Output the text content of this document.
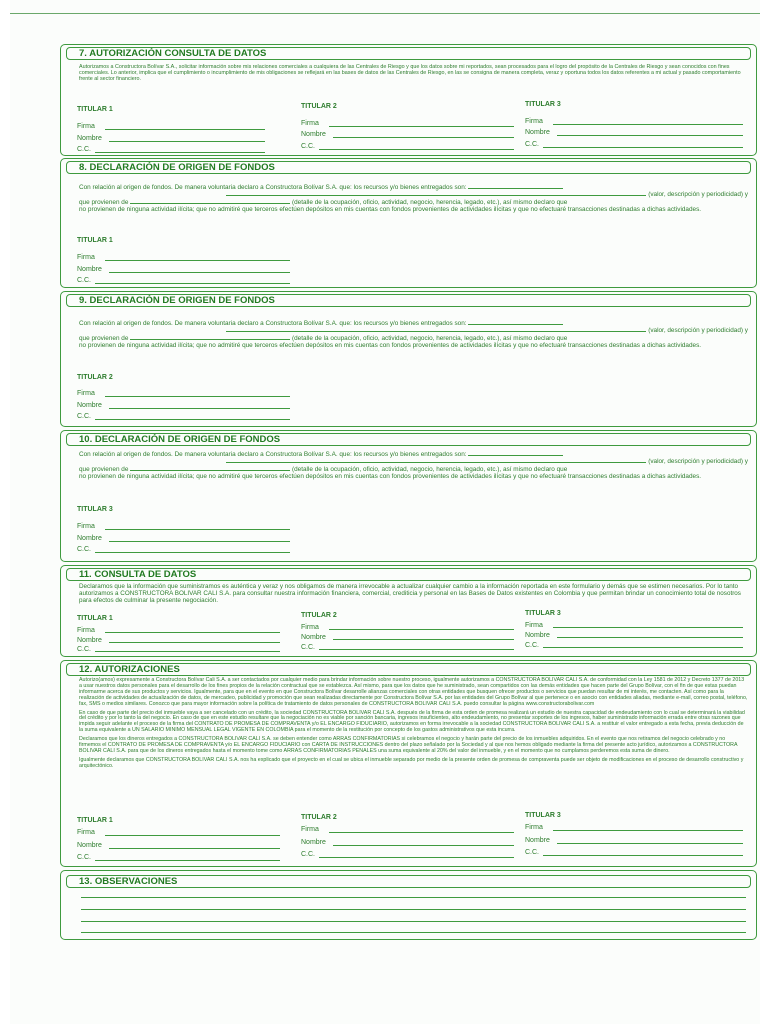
7. AUTORIZACIÓN CONSULTA DE DATOS
Autorizamos a Constructora Bolívar S.A., solicitar información sobre mis relaciones comerciales a cualquiera de las Centrales de Riesgo y que los datos sobre mi reportados, sean procesados para el logro del propósito de la Centrales de Riesgo y sean conocidos con fines comerciales. Lo anterior, implica que el cumplimiento o incumplimiento de mis obligaciones se reflejará en las bases de datos de las Centrales de Riesgo, en las se consigna de manera completa, veraz y oportuna todos los datos referentes a mi actual y pasado comportamiento frente al sector financiero.
TITULAR 1
Firma
Nombre
C.C.
TITULAR 2
Firma
Nombre
C.C.
TITULAR 3
Firma
Nombre
C.C.
8. DECLARACIÓN DE ORIGEN DE FONDOS
Con relación al origen de fondos. De manera voluntaria declaro a Constructora Bolívar S.A. que: los recursos y/o bienes entregados son:
(valor, descripción y periodicidad) y
que provienen de	(detalle de la ocupación, oficio, actividad, negocio, herencia, legado, etc.), así mismo declaro que
no provienen de ninguna actividad ilícita; que no admitiré que terceros efectúen depósitos en mis cuentas con fondos provenientes de actividades ilícitas y que no efectuaré transacciones destinadas a dichas actividades.
TITULAR 1
Firma
Nombre
C.C.
9. DECLARACIÓN DE ORIGEN DE FONDOS
Con relación al origen de fondos. De manera voluntaria declaro a Constructora Bolívar S.A. que: los recursos y/o bienes entregados son:
(valor, descripción y periodicidad) y
que provienen de	(detalle de la ocupación, oficio, actividad, negocio, herencia, legado, etc.), así mismo declaro que
no provienen de ninguna actividad ilícita; que no admitiré que terceros efectúen depósitos en mis cuentas con fondos provenientes de actividades ilícitas y que no efectuaré transacciones destinadas a dichas actividades.
TITULAR 2
Firma
Nombre
C.C.
10. DECLARACIÓN DE ORIGEN DE FONDOS
Con relación al origen de fondos. De manera voluntaria declaro a Constructora Bolívar S.A. que: los recursos y/o bienes entregados son:
(valor, descripción y periodicidad) y
que provienen de	(detalle de la ocupación, oficio, actividad, negocio, herencia, legado, etc.), así mismo declaro que
no provienen de ninguna actividad ilícita; que no admitiré que terceros efectúen depósitos en mis cuentas con fondos provenientes de actividades ilícitas y que no efectuaré transacciones destinadas a dichas actividades.
TITULAR 3
Firma
Nombre
C.C.
11. CONSULTA DE DATOS
Declaramos que la información que suministramos es auténtica y veraz y nos obligamos de manera irrevocable a actualizar cualquier cambio a la información reportada en este formulario y demás que se estimen necesarios. Por lo tanto autorizamos a CONSTRUCTORA BOLIVAR CALI S.A. para consultar nuestra información financiera, comercial, crediticia y personal en las Bases de Datos existentes en Colombia y que permitan brindar un conocimiento total de nosotros para efectos de culminar la presente negociación.
TITULAR 1
Firma
Nombre
C.C.
TITULAR 2
Firma
Nombre
C.C.
TITULAR 3
Firma
Nombre
C.C.
12. AUTORIZACIONES
Autorizo(amos) expresamente a Constructora Bolívar Cali S.A. a ser contactados por cualquier medio para brindar información sobre nuestro proceso, igualmente autorizamos a CONSTRUCTORA BOLIVAR CALI S.A. de conformidad con la Ley 1581 de 2012 y Decreto 1377 de 2013 a usar nuestros datos personales para el desarrollo de los fines propios de la relación contractual que se establezca. Así mismo, para que los datos que he suministrado, sean compartidos con las demás entidades que hacen parte del Grupo Bolívar, con el fin de que estas puedan informarme acerca de sus productos y servicios. Igualmente, para que en el evento en que Constructora Bolívar desarrolle alianzas comerciales con otras entidades que busquen ofrecer productos o servicios que puedan resultar de mi interés, me contacten. Así como para la realización de actividades de actualización de datos, de mercadeo, publicidad y promoción que sean realizadas directamente por Constructora Bolívar S.A. por las entidades del Grupo Bolívar al que pertenece o en asocio con entidades aliadas, mediante e-mail, correo postal, teléfono, fax, SMS o medios similares. Conozco que para mayor información sobre la política de tratamiento de datos personales de CONSTRUCTORA BOLIVAR CALI S.A. puedo consultar la página www.constructorabolivar.com
En caso de que parte del precio del inmueble vaya a ser cancelado con un crédito, la sociedad CONSTRUCTORA BOLIVAR CALI S.A. después de la firma de esta orden de promesa realizará un estudio de nuestra capacidad de endeudamiento con lo cual se determinará la viabilidad del crédito y por lo tanto la del negocio. En caso de que en este estudio resultare que la negociación no es viable por sanción bancaria, ingresos insuficientes, alto endeudamiento, no presentar soportes de los ingresos, haber suministrado información errada entre otras razones que impida seguir adelante el proceso de la firma del CONTRATO DE PROMESA DE COMPRAVENTA y/o EL ENCARGO FIDUCIARIO, autorizamos en forma irrevocable a la sociedad CONSTRUCTORA BOLIVAR CALI S.A. a restituir el valor entregado a esta fecha, previa deducción de la suma equivalente a UN SALARIO MINIMO MENSUAL LEGAL VIGENTE EN COLOMBIA para el momento de la restitución por concepto de los gastos administrativos que esta incurra.
Declaramos que los dineros entregados a CONSTRUCTORA BOLIVAR CALI S.A. se deben entender como ARRAS CONFIRMATORIAS si celebramos el negocio y harán parte del precio de los inmuebles adquiridos. En el evento que nos retiramos del negocio celebrado y no firmemos el CONTRATO DE PROMESA DE COMPRAVENTA y/o EL ENCARGO FIDUCIARIO con CARTA DE INSTRUCCIONES dentro del plazo señalado por la Sociedad y al que nos hemos obligado mediante la firma del presente acto jurídico, autorizamos a CONSTRUCTORA BOLIVAR CALI S.A. para que de los dineros entregados hasta el momento tome como ARRAS CONFIRMATORIAS PENALES una suma equivalente al 20% del valor del inmueble, y en el momento que no cumplamos perderemos esta suma de dinero.
Igualmente declaramos que CONSTRUCTORA BOLIVAR CALI S.A. nos ha explicado que el proyecto en el cual se ubica el inmueble separado por medio de la presente orden de promesa de compraventa puede ser objeto de modificaciones en el proceso de desarrollo constructivo y arquitectónico.
TITULAR 1
Firma
Nombre
C.C.
TITULAR 2
Firma
Nombre
C.C.
TITULAR 3
Firma
Nombre
C.C.
13. OBSERVACIONES
